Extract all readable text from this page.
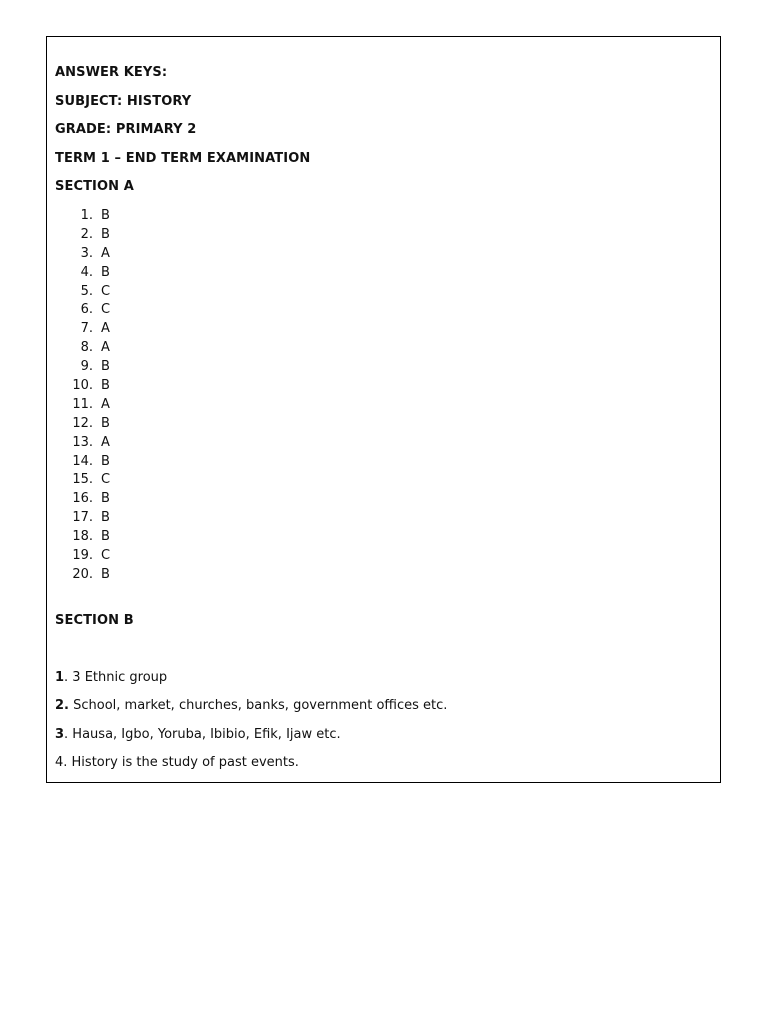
ANSWER KEYS:
SUBJECT: HISTORY
GRADE: PRIMARY 2
TERM 1 – END TERM EXAMINATION
SECTION A
1. B
2. B
3. A
4. B
5. C
6. C
7. A
8. A
9. B
10. B
11. A
12. B
13. A
14. B
15. C
16. B
17. B
18. B
19. C
20. B
SECTION B
1. 3 Ethnic group
2. School, market, churches, banks, government offices etc.
3. Hausa, Igbo, Yoruba, Ibibio, Efik, Ijaw etc.
4. History is the study of past events.
